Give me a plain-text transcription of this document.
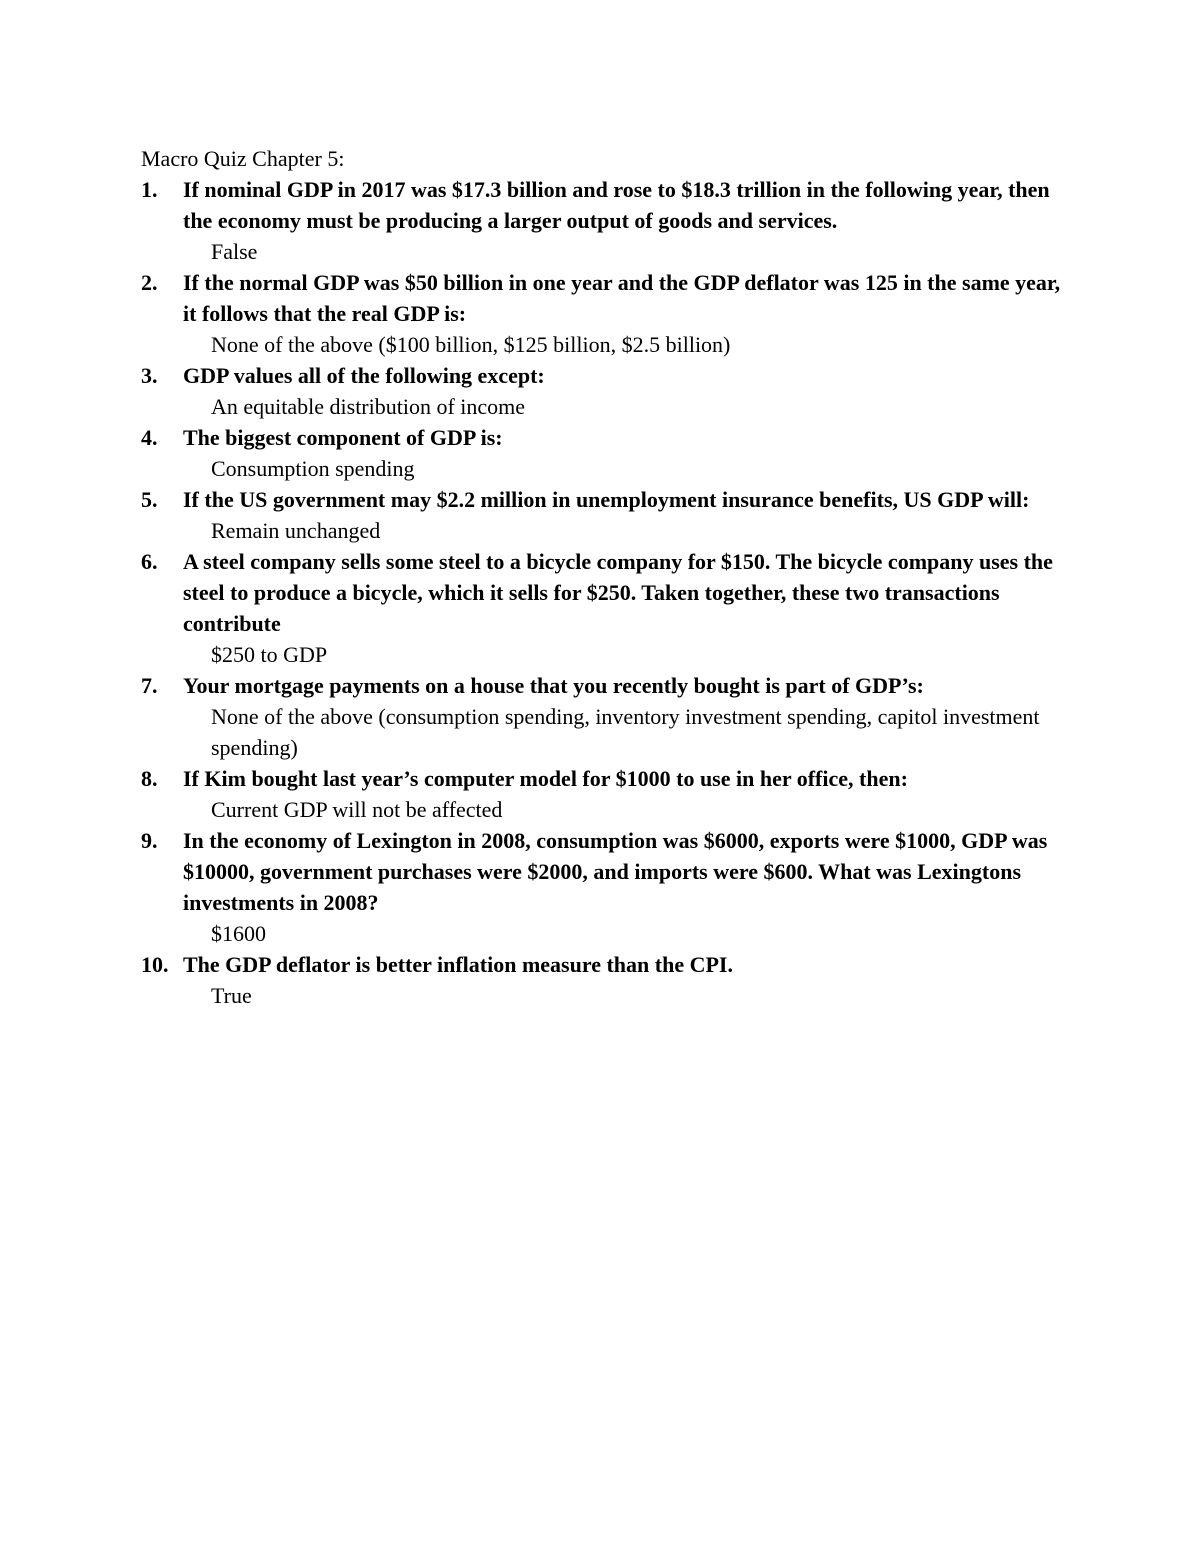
Macro Quiz Chapter 5:

1.	If nominal GDP in 2017 was $17.3 billion and rose to $18.3 trillion in the following year, then the economy must be producing a larger output of goods and services.
False
2.	If the normal GDP was $50 billion in one year and the GDP deflator was 125 in the same year, it follows that the real GDP is:
None of the above ($100 billion, $125 billion, $2.5 billion)
3.	GDP values all of the following except:
An equitable distribution of income
4.	The biggest component of GDP is:
Consumption spending
5.	If the US government may $2.2 million in unemployment insurance benefits, US GDP will:
Remain unchanged
6.	A steel company sells some steel to a bicycle company for $150. The bicycle company uses the steel to produce a bicycle, which it sells for $250. Taken together, these two transactions contribute
$250 to GDP
7.	Your mortgage payments on a house that you recently bought is part of GDP’s:
None of the above (consumption spending, inventory investment spending, capitol investment spending)
8.	If Kim bought last year’s computer model for $1000 to use in her office, then:
Current GDP will not be affected
9.	In the economy of Lexington in 2008, consumption was $6000, exports were $1000, GDP was $10000, government purchases were $2000, and imports were $600. What was Lexingtons investments in 2008?
$1600
10. The GDP deflator is better inflation measure than the CPI.
True
